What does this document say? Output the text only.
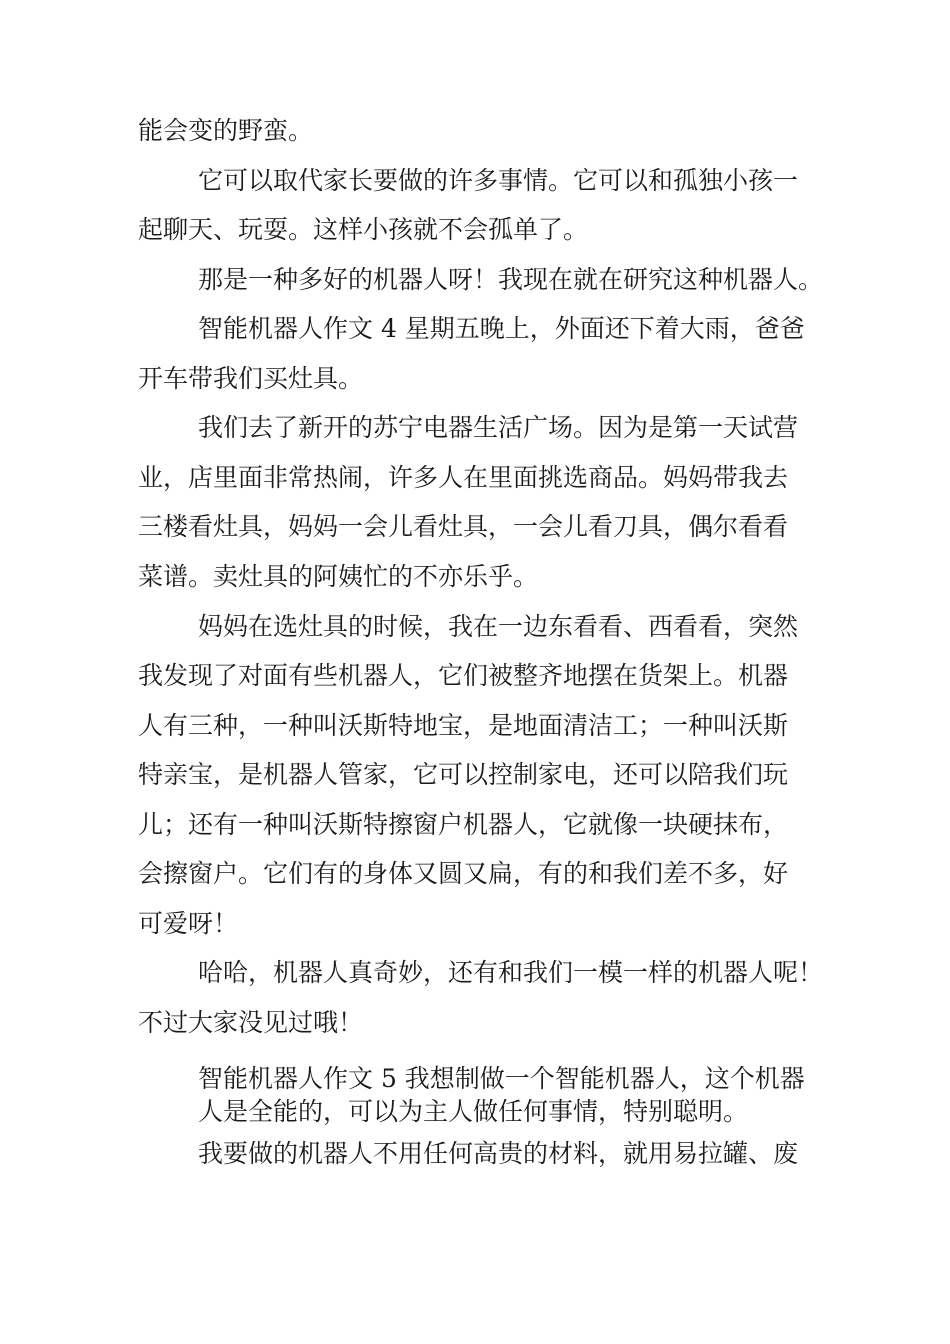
能会变的野蛮。

它可以取代家长要做的许多事情。它可以和孤独小孩一

起聊天、玩耍。这样小孩就不会孤单了。

那是一种多好的机器人呀！我现在就在研究这种机器人。

智能机器人作文 4 星期五晚上，外面还下着大雨，爸爸

开车带我们买灶具。

我们去了新开的苏宁电器生活广场。因为是第一天试营

业，店里面非常热闹，许多人在里面挑选商品。妈妈带我去

三楼看灶具，妈妈一会儿看灶具，一会儿看刀具，偶尔看看

菜谱。卖灶具的阿姨忙的不亦乐乎。

妈妈在选灶具的时候，我在一边东看看、西看看，突然

我发现了对面有些机器人，它们被整齐地摆在货架上。机器

人有三种，一种叫沃斯特地宝，是地面清洁工；一种叫沃斯

特亲宝，是机器人管家，它可以控制家电，还可以陪我们玩

儿；还有一种叫沃斯特擦窗户机器人，它就像一块硬抹布，

会擦窗户。它们有的身体又圆又扁，有的和我们差不多，好

可爱呀！

哈哈，机器人真奇妙，还有和我们一模一样的机器人呢！

不过大家没见过哦！

智能机器人作文 5 我想制做一个智能机器人，这个机器

人是全能的，可以为主人做任何事情，特别聪明。

我要做的机器人不用任何高贵的材料，就用易拉罐、废
